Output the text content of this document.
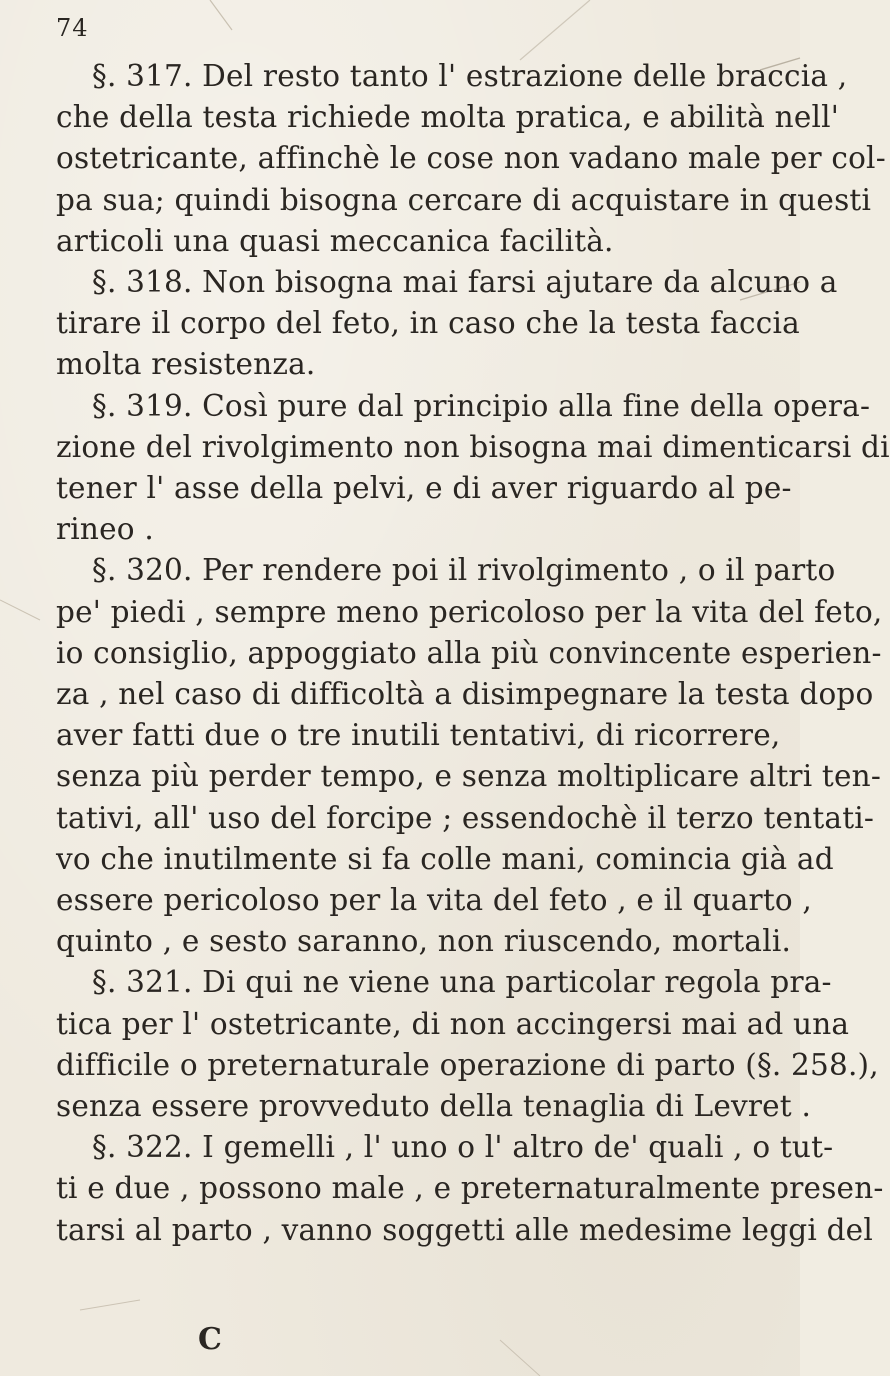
74
§. 317. Del resto tanto l' estrazione delle braccia ,
che della testa richiede molta pratica, e abilità nell'
ostetricante, affinchè le cose non vadano male per col-
pa sua; quindi bisogna cercare di acquistare in questi
articoli una quasi meccanica facilità.
§. 318. Non bisogna mai farsi ajutare da alcuno a
tirare il corpo del feto, in caso che la testa faccia
molta resistenza.
§. 319. Così pure dal principio alla fine della opera-
zione del rivolgimento non bisogna mai dimenticarsi di
tener l' asse della pelvi, e di aver riguardo al pe-
rineo .
§. 320. Per rendere poi il rivolgimento , o il parto
pe' piedi , sempre meno pericoloso per la vita del feto,
io consiglio, appoggiato alla più convincente esperien-
za , nel caso di difficoltà a disimpegnare la testa dopo
aver fatti due o tre inutili tentativi, di ricorrere,
senza più perder tempo, e senza moltiplicare altri ten-
tativi, all' uso del forcipe ; essendochè il terzo tentati-
vo che inutilmente si fa colle mani, comincia già ad
essere pericoloso per la vita del feto , e il quarto ,
quinto , e sesto saranno, non riuscendo, mortali.
§. 321. Di qui ne viene una particolar regola pra-
tica per l' ostetricante, di non accingersi mai ad una
difficile o preternaturale operazione di parto (§. 258.),
senza essere provveduto della tenaglia di Levret .
§. 322. I gemelli , l' uno o l' altro de' quali , o tut-
ti e due , possono male , e preternaturalmente presen-
tarsi al parto , vanno soggetti alle medesime leggi del
C
